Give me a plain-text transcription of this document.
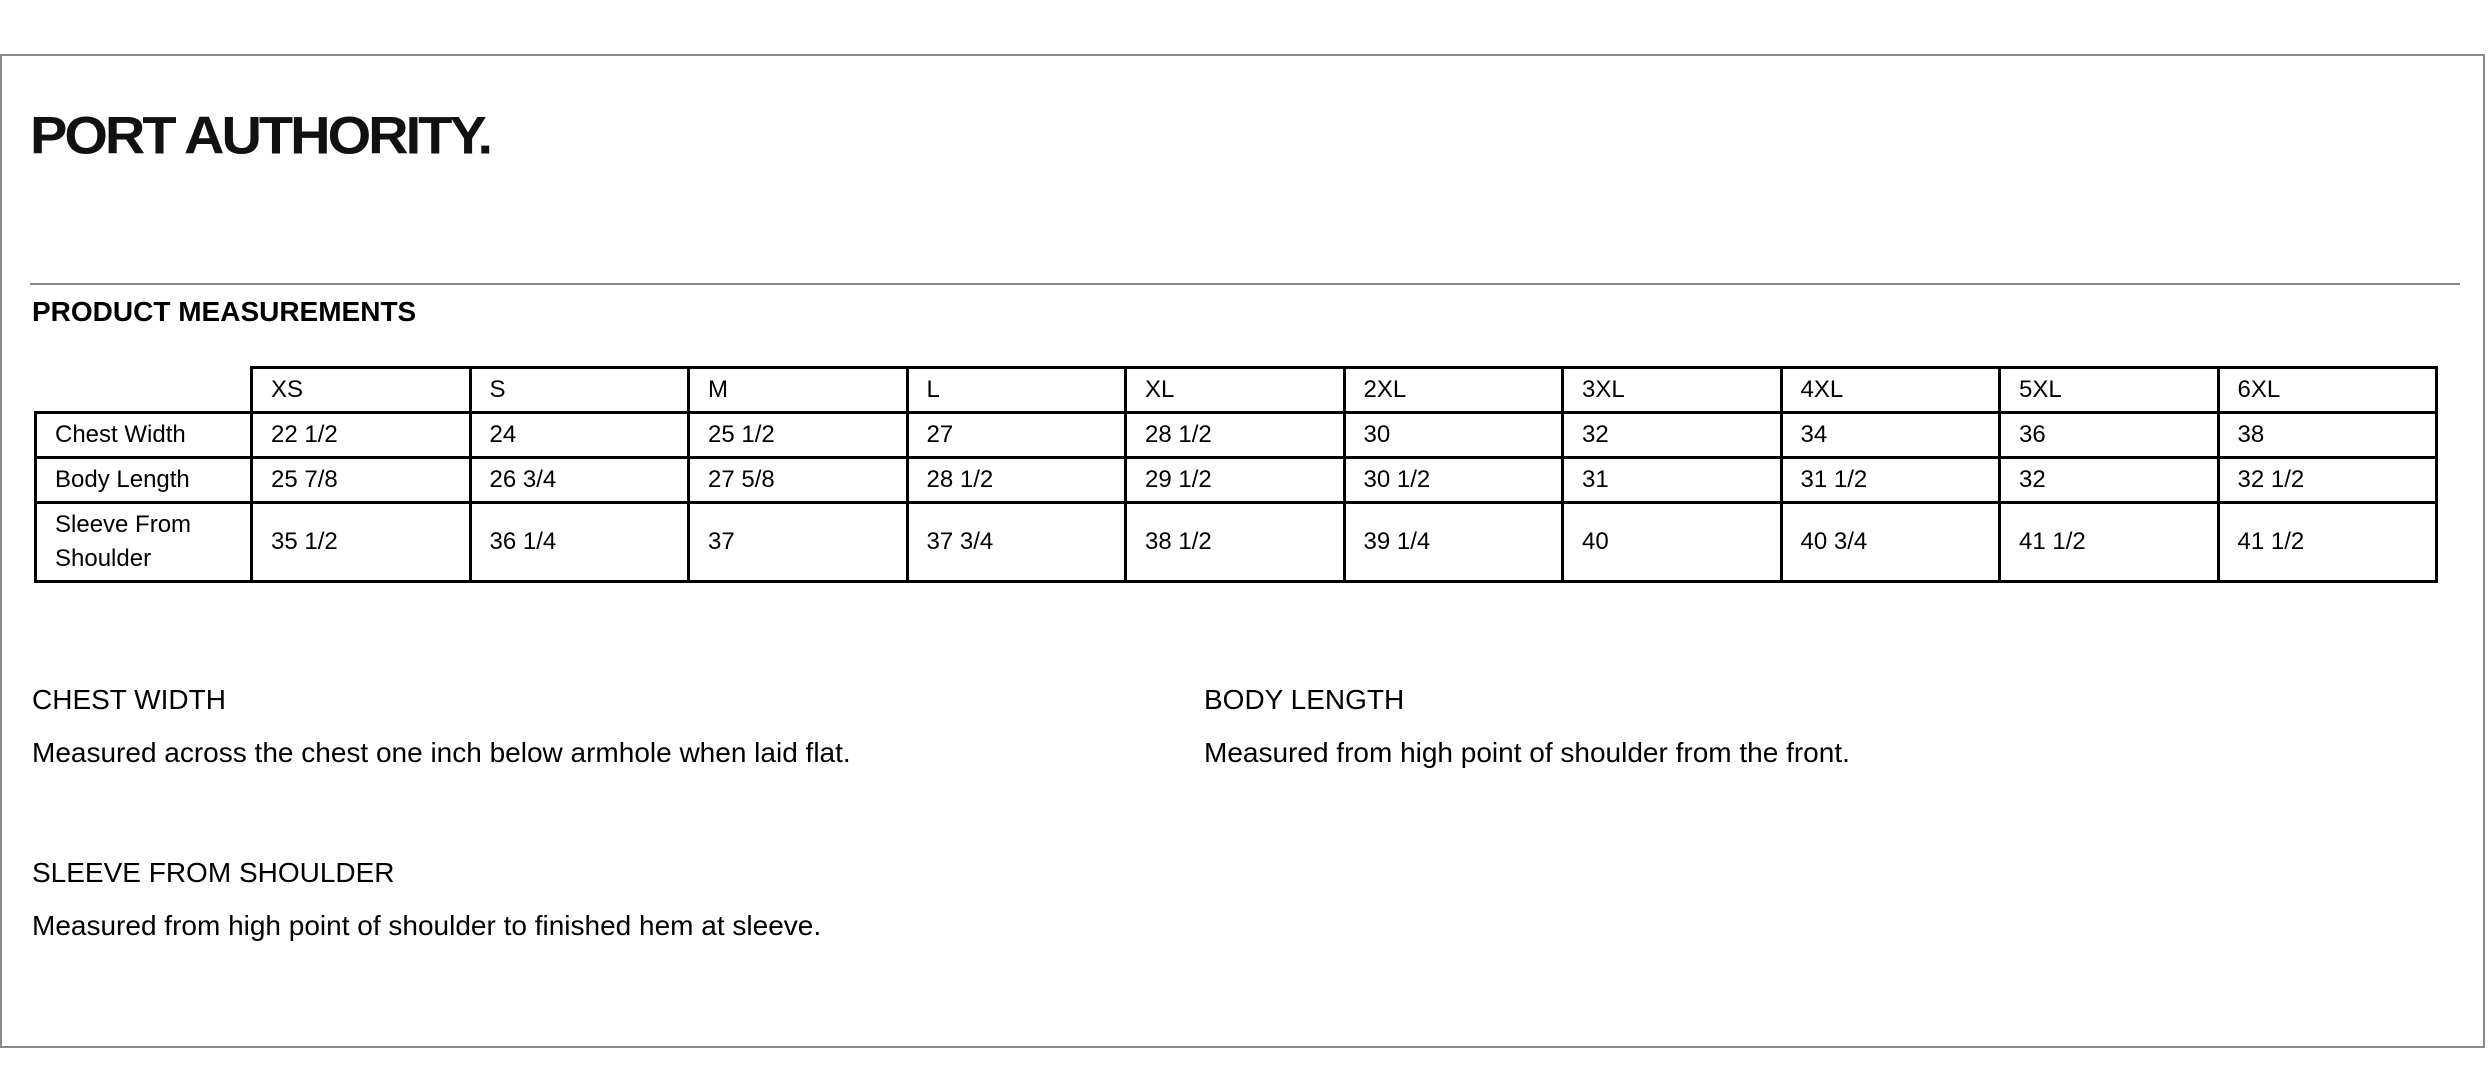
PORT AUTHORITY.
PRODUCT MEASUREMENTS
	XS	S	M	L	XL	2XL	3XL	4XL	5XL	6XL
Chest Width	22 1/2	24	25 1/2	27	28 1/2	30	32	34	36	38
Body Length	25 7/8	26 3/4	27 5/8	28 1/2	29 1/2	30 1/2	31	31 1/2	32	32 1/2
Sleeve From
Shoulder	35 1/2	36 1/4	37	37 3/4	38 1/2	39 1/4	40	40 3/4	41 1/2	41 1/2
CHEST WIDTH
Measured across the chest one inch below armhole when laid flat.
BODY LENGTH
Measured from high point of shoulder from the front.
SLEEVE FROM SHOULDER
Measured from high point of shoulder to finished hem at sleeve.
